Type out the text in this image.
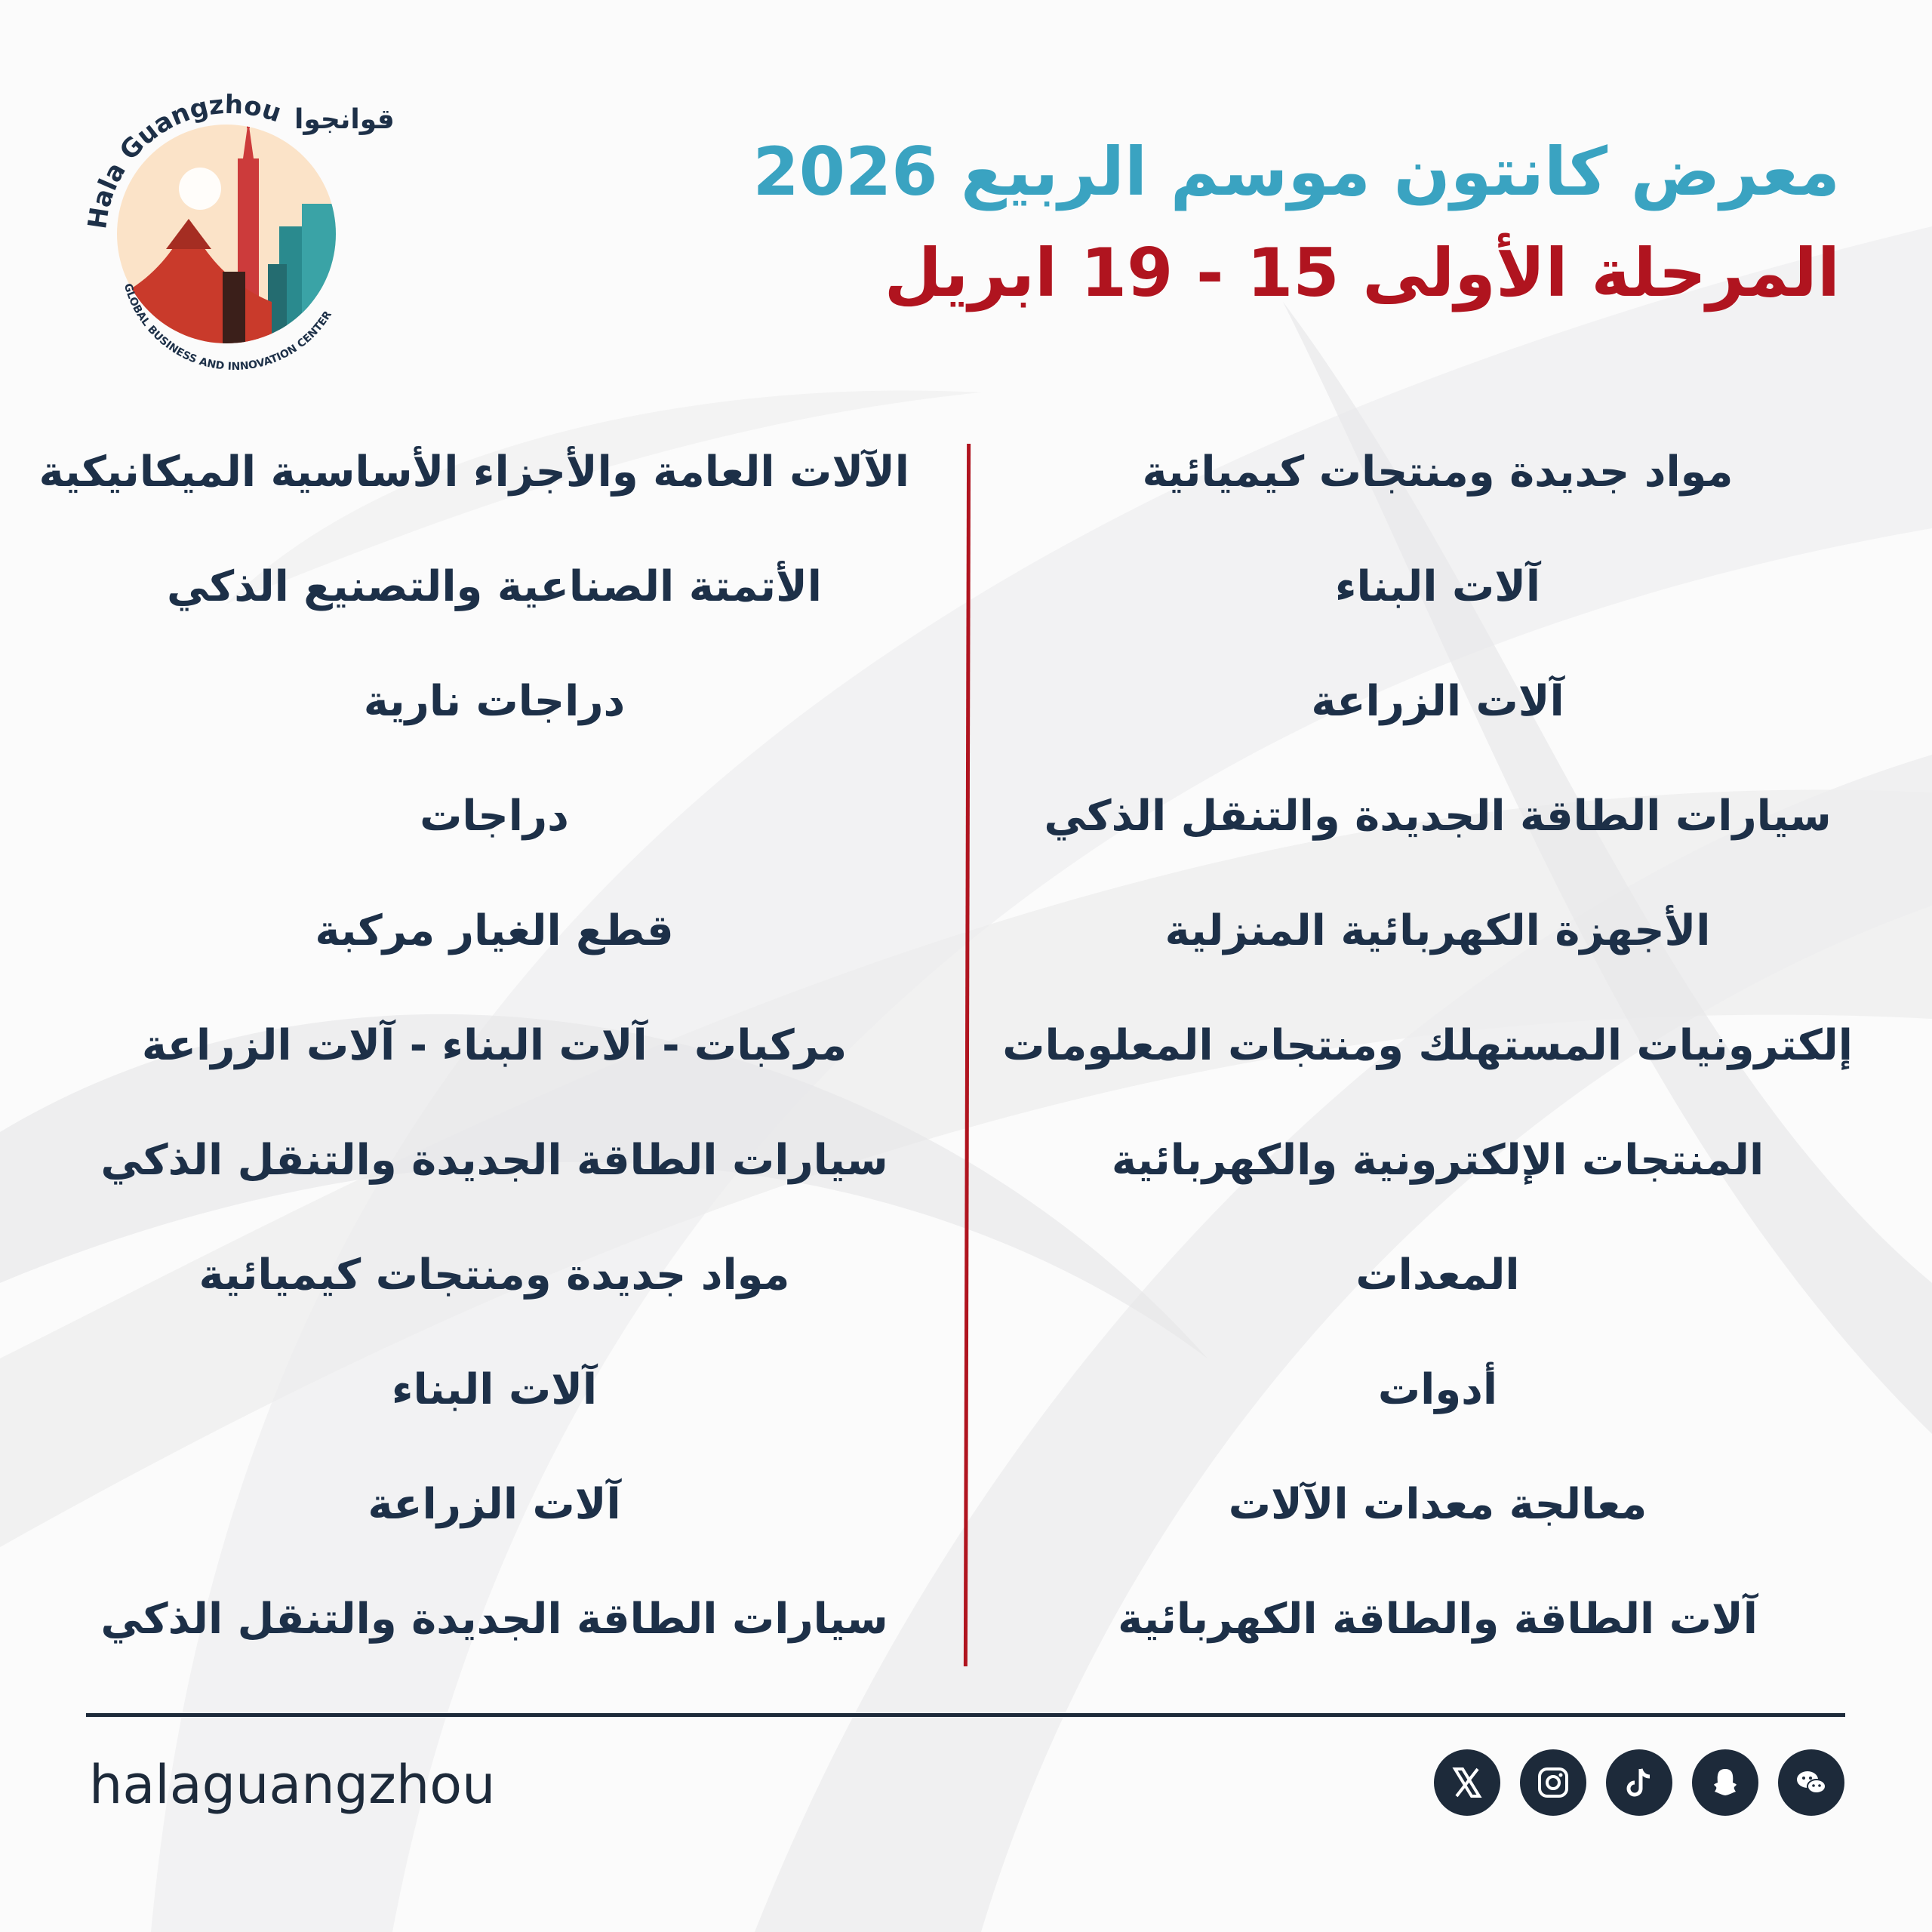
Hala Guangzhou قوانجوا
GLOBAL BUSINESS AND INNOVATION CENTER
معرض كانتون موسم الربيع 2026
المرحلة الأولى 15 - 19 ابريل
مواد جديدة ومنتجات كيميائية
آلات البناء
آلات الزراعة
سيارات الطاقة الجديدة والتنقل الذكي
الأجهزة الكهربائية المنزلية
إلكترونيات المستهلك ومنتجات المعلومات
المنتجات الإلكترونية والكهربائية
المعدات
أدوات
معالجة معدات الآلات
آلات الطاقة والطاقة الكهربائية
الآلات العامة والأجزاء الأساسية الميكانيكية
الأتمتة الصناعية والتصنيع الذكي
دراجات نارية
دراجات
قطع الغيار مركبة
مركبات - آلات البناء - آلات الزراعة
سيارات الطاقة الجديدة والتنقل الذكي
مواد جديدة ومنتجات كيميائية
آلات البناء
آلات الزراعة
سيارات الطاقة الجديدة والتنقل الذكي
halaguangzhou
